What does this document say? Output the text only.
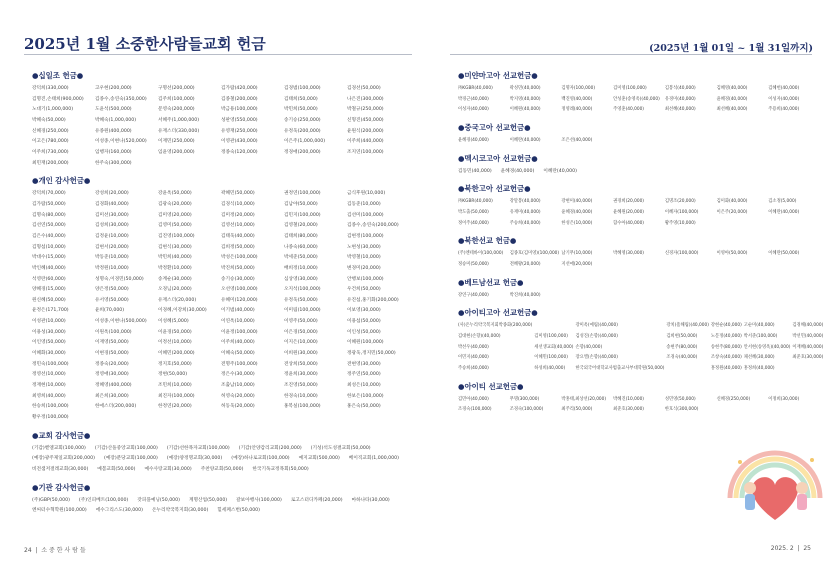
2025년 1월 소중한사람들교회 헌금	(2025년 1월 01일 ~ 1월 31일까지)
●십일조 헌금●
강덕희(330,000)	고우현(200,000)	구명선(200,000)	김가람(420,000)	김경범(100,000)	김경선(50,000)
김명진,손태희(900,000)	김종수,송연숙(350,000)	김주희(100,000)	김종철(200,000)	김태희(50,000)	나은진(300,000)
노대기(1,000,000)	도윤석(500,000)	문영숙(200,000)	박금용(100,000)	박민희(50,000)	박철규(250,000)
박혜숙(50,000)	박혜숙(1,000,000)	서혜주(1,000,000)	성판영(550,000)	송기승(250,000)	신형진(450,000)
신혜경(250,000)	유종원(400,000)	유재스더(330,000)	유영재(250,000)	유정욱(200,000)	윤원식(200,000)
이고은(780,000)	이성종,이현나(520,000)	이재민(250,000)	이영관(430,000)	이은주(1,000,000)	이주희(440,000)
이주희(730,000)	임행자(160,000)	임윤영(200,000)	정종숙(120,000)	정경애(200,000)	조지연(100,000)
최민재(200,000)	한주숙(300,000)
●개인 감사헌금●
강덕희(70,000)	강성희(20,000)	강윤옥(50,000)	곽혜민(50,000)	권정연(100,000)	금식후원(10,000)
김가람(50,000)	김경화(40,000)	김광숙(20,000)	김경식(10,000)	김남야(50,000)	김동준(10,000)
김명숙(80,000)	김미선(30,000)	김미영(20,000)	김미정(20,000)	김민지(100,000)	김선미(100,000)
김선연(50,000)	김성희(30,000)	김영미(50,000)	김영선(10,000)	김영철(20,000)	김종수,송연숙(200,000)
김은수(40,000)	김정윤(10,000)	김진영(100,000)	김태욱(40,000)	김태희(80,000)	김현정(100,000)
김형섭(10,000)	김현서(20,000)	김현식(30,000)	김희정(50,000)	나종숙(60,000)	노현성(30,000)
박대수(15,000)	박동준(10,000)	박민희(40,000)	박성은(100,000)	박세준(50,000)	박영철(10,000)
박인혜(40,000)	박정원(10,000)	박정환(10,000)	박진희(50,000)	배희정(10,000)	변경미(20,000)
석영란(60,000)	성명숙,이경민(50,000)	송계순(30,000)	송기승(30,000)	심상영(30,000)	안행보(100,000)
양혜경(15,000)	양은정(50,000)	오경님(20,000)	오선영(100,000)	오지석(100,000)	우건희(50,000)
원신혜(50,000)	유서영(50,000)	유재스더(20,000)	유혜미(120,000)	유정욱(50,000)	유진섭,홍기화(200,000)
윤정은(171,700)	윤희(70,000)	이경혜,이강희(30,000)	이기범(40,000)	이미림(100,000)	이보영(30,000)
이성관(10,000)	이성종,이현나(500,000)	이성혜(5,000)	이연옥(10,000)	이영주(50,000)	이용섭(50,000)
이용성(30,000)	이원옥(100,000)	이윤경(50,000)	이윤정(100,000)	이은경(50,000)	이인성(50,000)
이인영(50,000)	이재영(50,000)	이정선(10,000)	이주희(40,000)	이지은(10,000)	이혜원(100,000)
이혜화(30,000)	이현경(50,000)	이혜민(200,000)	이혜숙(50,000)	이희원(30,000)	정광욱,정지민(50,000)
정민숙(100,000)	정종숙(20,000)	정지호(50,000)	전명주(100,000)	전상희(50,000)	전현영(30,000)
정영선(10,000)	정영애(30,000)	정현(50,000)	정은수(30,000)	정윤희(30,000)	정주연(50,000)
정재현(10,000)	정혜영(400,000)	조민희(10,000)	조출남(10,000)	조진영(50,000)	최성은(10,000)
최영희(40,000)	최은희(30,000)	최진자(100,000)	허영숙(20,000)	한경숙(10,000)	한보은(100,000)
한승희(100,000)	한애스더(200,000)	한정연(20,000)	허동욱(20,000)	홍복실(100,000)	홍은숙(50,000)
황우정(100,000)
●교회 감사헌금●
(기감)벧엘교회(100,000) (기감)산돌중앙교회(100,000) (기감)선한목자교회(100,000) (기감)안양감리교회(200,000) (기성)석도성결교회(50,000)
(예장)광주제일교회(200,000) (예장)분당교회(100,000) (예장)양정명교회(30,000) (예장)하나로교회(100,000) 예지교회(500,000) 베이직교회(1,000,000)
비전샘저절레교회(30,000) 예봄교회(50,000) 예수사랑교회(30,000) 주찬양교회(50,000) 한국기독교정목회(50,000)
●기관 감사헌금●
(주)GBP(50,000) (주)인피베트(100,000) 갓피플예닝(50,000) 계명산업(50,000) 갈보아행사(100,000) 로고스터디카페(20,000) 마하나타(30,000)
엔씨터수혁학원(100,000) 에수그리스도(30,000) 온누리약국복지회(30,000) 힐세페스번(50,000)
●미얀마고아 선교헌금●
㈜KGBR(40,000)	곽성민(40,000)	김명자(100,000)	김미영(100,000)	김봉석(40,000)	김혜영(40,000)	김혜헌(40,000)
박경근(40,000)	박지영(40,000)	백진영(40,000)	안성훈(송영옥)(40,000)	유경미(40,000)	윤혜경(40,000)	이성자(40,000)
이성자(40,000)	이혜원(40,000)	정영례(40,000)	주영훈(40,000)	최선혜(40,000)	최선혜(40,000)	주용희(40,000)
●중국고아 선교헌금●
윤혜경(40,000)	이혜란(40,000)	조은선(40,000)
●멕시코고아 선교헌금●
김동민(40,000) 윤혜경(40,000) 이혜란(40,000)
●북한고아 선교헌금●
㈜KGBR(40,000)	강말봉(40,000)	강현미(40,000)	권경희(20,000)	김명조(20,000)	김미화(40,000)	김소정(5,000)
박도출(50,000)	유재미(40,000)	윤혜경(40,000)	윤혜원(20,000)	이혜자(100,000)	이은주(20,000)	이혜란(40,000)
정이주(40,000)	주승희(40,000)	한성은(10,000)	함수아(40,000)	황주영(10,000)
●북한선교 헌금●
(주)엔테바이(100,000)	김종호(김미영)(100,000) 남기무(10,000)	박혜영(30,000)	신경자(100,000)	이영아(50,000)	이혜란(50,000)
정승미(50,000)	전혜왕(20,000)	지선애(20,000)
●베트남선교 헌금●
강연구(40,000)	박진희(40,000)
●아이티고아 선교헌금●
(사)온누리약국복지회박종화(200,000)	강미옥(예림)(40,000)	강치(흠해림)(40,000) 강현순(40,000) 고순미(40,000)	김경해(40,000)
김대현(손향)(40,000)	김미영(100,000)	김성진(손향)(40,000)	김희현(50,000)	노문정(40,000) 박서준(100,000)	박선민(40,000)
박선우(40,000)	세선생교회(40,000) 손향(40,000)	송현주(80,000)	송현주(80,000) 안서현(송영옥)(40,000) 이재혜(40,000)
이민지(40,000)	이혜민(100,000)	장요엘(손향)(40,000)	조경숙(40,000)	조창숙(40,000) 채선혜(30,000)	최준호(30,000)
주승희(40,000)	하성희(40,000)	한국외국어대학교사범출교사부대학원(50,000)	홍정원(40,000) 홍정희(40,000)
●아이티 선교헌금●
김민아(40,000)	무명(300,000)	박홍태,최상선(20,000)	박혜진(10,000)	성민영(50,000)	신혜경(250,000)	이정희(30,000)
조경숙(100,000)	조경숙(100,000)	최주리(50,000)	최준호(30,000)	한호식(300,000)
24  |  소 중 한 사 람 들	2025. 2  |  25
